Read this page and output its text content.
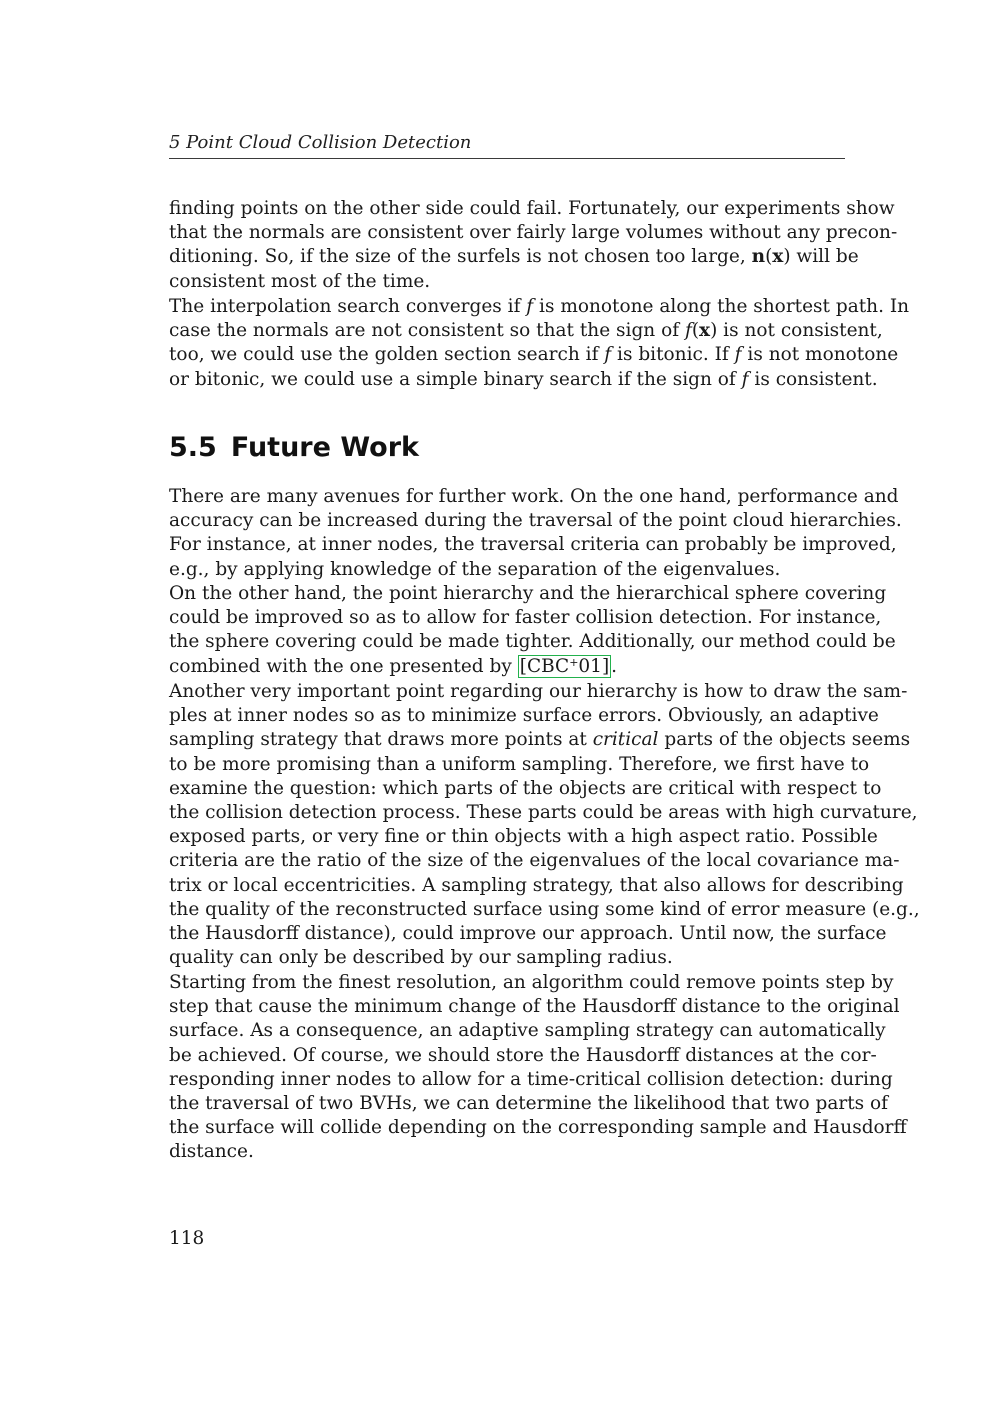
5 Point Cloud Collision Detection
finding points on the other side could fail. Fortunately, our experiments show
that the normals are consistent over fairly large volumes without any precon-
ditioning. So, if the size of the surfels is not chosen too large, n(x) will be
consistent most of the time.
The interpolation search converges if f is monotone along the shortest path. In
case the normals are not consistent so that the sign of f(x) is not consistent,
too, we could use the golden section search if f is bitonic. If f is not monotone
or bitonic, we could use a simple binary search if the sign of f is consistent.
5.5 Future Work
There are many avenues for further work. On the one hand, performance and
accuracy can be increased during the traversal of the point cloud hierarchies.
For instance, at inner nodes, the traversal criteria can probably be improved,
e.g., by applying knowledge of the separation of the eigenvalues.
On the other hand, the point hierarchy and the hierarchical sphere covering
could be improved so as to allow for faster collision detection. For instance,
the sphere covering could be made tighter. Additionally, our method could be
combined with the one presented by [CBC+01] .
Another very important point regarding our hierarchy is how to draw the sam-
ples at inner nodes so as to minimize surface errors. Obviously, an adaptive
sampling strategy that draws more points at critical parts of the objects seems
to be more promising than a uniform sampling. Therefore, we first have to
examine the question: which parts of the objects are critical with respect to
the collision detection process. These parts could be areas with high curvature,
exposed parts, or very fine or thin objects with a high aspect ratio. Possible
criteria are the ratio of the size of the eigenvalues of the local covariance ma-
trix or local eccentricities. A sampling strategy, that also allows for describing
the quality of the reconstructed surface using some kind of error measure (e.g.,
the Hausdorff distance), could improve our approach. Until now, the surface
quality can only be described by our sampling radius.
Starting from the finest resolution, an algorithm could remove points step by
step that cause the minimum change of the Hausdorff distance to the original
surface. As a consequence, an adaptive sampling strategy can automatically
be achieved. Of course, we should store the Hausdorff distances at the cor-
responding inner nodes to allow for a time-critical collision detection: during
the traversal of two BVHs, we can determine the likelihood that two parts of
the surface will collide depending on the corresponding sample and Hausdorff
distance.
118
